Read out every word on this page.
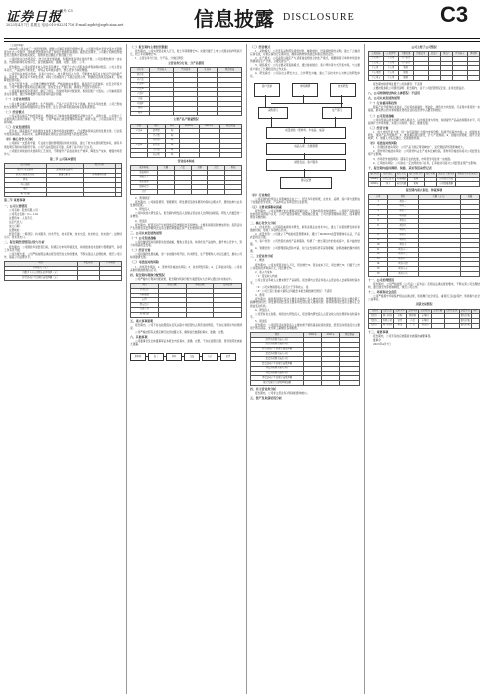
证券日报
版号 C3
2023年4月7日 星期五 电话:010-83251716 E-mail:zqrb9@zqrb.sina.net	信息披露 DISCLOSURE	C3

（上接C2版）

2020年公司完成了一次股份回购。根据公司制定的股份回购方案，公司通过集中竞价交易方式回购部分社会公众股份，回购股份的用途为员工持股计划或股权激励。截至报告期末，公司累计回购股份数量符合回购方案的相关规定，回购资金总额在计划范围之内。

公司持续关注市场变化，结合自身发展战略，积极推进各项业务的开展。公司治理结构进一步完善，内部控制体系有效运行，信息披露真实、准确、完整、及时、公平。

报告期内，公司实现营业收入同比有所增长，归属于上市公司股东的净利润保持稳定。公司主营业务突出，产品结构不断优化，市场占有率稳步提升，核心竞争力持续增强。

公司坚持以市场为导向、以客户为中心，加大研发投入力度，不断推出具有自主知识产权的新产品、新技术，满足客户多样化需求。同时公司加强与上下游企业的合作，构建稳定的供应链体系，有效降低经营风险。

在生产经营方面，公司推行精细化管理，严格控制成本费用，提高资产运营效率。在安全环保方面，公司严格遵守国家相关法律法规，落实安全生产责任制，确保生产经营平稳有序。

公司高度重视投资者回报，制定了稳定、连续的利润分配政策，积极回报广大股东。公司重视投资者关系管理，通过多种渠道与投资者保持良好沟通。

（一）主营业务情况

公司主要从事产品的研发、生产和销售，产品广泛应用于多个领域。经过多年的发展，公司已形成较为完整的产业链和较强的综合竞争优势，在行业内享有较高的知名度和美誉度。

（二）经营模式

公司采用以销定产的经营模式，根据客户订单和市场预测组织采购与生产。采购方面，公司建立了完善的供应商评价体系；生产方面，公司严格执行质量管理体系标准；销售方面，公司以直销为主、经销为辅。

（三）行业发展情况

近年来，随着国家产业政策的支持和下游市场需求的增长，行业整体保持良好的发展态势。行业集中度逐步提高，具有技术、品牌和规模优势的企业将获得更大的发展空间。

（四）核心竞争力分析

公司拥有一支经验丰富、专业能力强的管理团队和技术团队，建立了较为完善的研发体系，拥有多项发明专利和实用新型专利。公司产品质量稳定可靠，获得了客户的广泛认可。

公司通过持续的技术创新和工艺改进，不断提升产品性能和生产效率，降低生产成本，增强市场竞争力。

第二节 公司基本情况
股票简称		股票代码	
股票上市交易所	深圳证券交易所		
联系人和联系方式	董事会秘书	证券事务代表	
姓名			
办公地址			
电话			
电子信箱			

第三节 重要事项

一、公司主要情况

公司名称：股份有限公司

公司英文名称：Co., Ltd.

注册资本：人民币元

法定代表人：

成立日期：

注册地址：

经营范围：一般项目：技术服务、技术开发、技术咨询、技术交流、技术转让、技术推广；货物进出口；技术进出口。

二、报告期经营情况讨论与分析

报告期内，公司围绕年度经营目标，积极应对市场环境变化，持续推进技术创新与管理提升，各项工作有序开展。

公司治理方面，公司严格按照法律法规及规范性文件的要求，不断完善法人治理结构，规范公司运作，提高公司治理水平。

项目	本报告期	上年同期
营业收入（元）		
归属于上市公司股东的净利润（元）		
经营活动产生的现金流量净额（元）		

（二）报告期内主要经营数据

报告期内，公司实现营业收入万元，较上年同期增长%；实现归属于上市公司股东的净利润万元，较上年同期增长%。

1、主营业务分行业、分产品、分地区情况

主营业务分行业、分产品情况
分行业	营业收入	营业成本	毛利率	同比增减
制造业				
分产品				
产品A				
产品B				
产品C				
其他				
分地区				
境内				
境外				
主要产品产销量情况
类别	项目	单位	2022年	2021年	同比增减
产品A	销售量	吨			
	生产量	吨			
	库存量	吨			
产品B	销售量	吨			
	生产量	吨			
	库存量	吨			
营业成本构成
成本构成	金额	占比	金额	占比	增减
直接材料					
直接人工					
制造费用					
燃料动力					
合计					

2、费用情况

报告期内，公司销售费用、管理费用、研发费用及财务费用均保持合理水平，费用结构与业务发展相匹配。

3、研发投入

公司持续加大研发投入，报告期内研发投入金额占营业收入比例稳步提高，研发人员数量进一步增加。

4、现金流

报告期内，经营活动产生的现金流量净额同比有所增加，主要系销售回款增加所致；投资活动产生的现金流量净额同比变动主要系购建固定资产支出增加所致。

三、公司未来发展的展望

（一）公司发展战略

公司将继续坚持创新驱动发展战略，聚焦主营业务，持续优化产品结构，提升核心竞争力，努力实现高质量发展。

（二）经营计划

公司将围绕发展战略，进一步加强市场开拓、技术研发、生产管理和人才队伍建设，推动公司持续健康发展。

（三）可能面对的风险

1、市场竞争风险；2、原材料价格波动风险；3、技术研发风险；4、汇率波动风险。公司将采取积极措施加以应对。

四、报告期内利润分配情况

公司严格执行利润分配政策，报告期内利润分配方案经股东大会审议通过并实施完毕。

项目	期末余额	期初余额	变动比例
货币资金			
应收账款			
存货			
固定资产			
在建工程			
短期借款			

五、重大事项说明

报告期内，公司不存在控股股东及其关联方非经营性占用资金的情况，不存在违规对外担保情况。

公司严格按照有关规定履行信息披露义务，确保信息披露的真实、准确、完整。

六、其他事项

公司董事会及全体董事保证本报告内容真实、准确、完整，不存在虚假记载、误导性陈述或重大遗漏。

原材料	加工	检验	包装	入库	销售

（三）经营模式

1、采购模式：公司设有采购部负责原材料、辅助材料、设备等物资的采购，建立了合格供应商名录，对供应商进行定期评估，确保采购物资的质量和供应的稳定性。

2、生产模式：公司采用以销定产与适度备货相结合的生产模式，根据销售订单和市场需求预测制定生产计划，合理安排生产。

3、销售模式：公司主要采用直销模式，通过参加展会、客户拜访等方式开拓市场，与主要客户建立了长期稳定的合作关系。

4、研发模式：公司以自主研发为主，合作研发为辅，建立了以技术中心为核心的研发体系。

客户需求	市场调研	技术研发
采购部门	生产部门
质量检验（原材料、半成品、成品）
成品入库、仓储管理
销售发货、客户服务
售后反馈

（四）行业地位

公司是国内较早进入该领域的企业之一，经过多年的积累，在技术、品牌、客户等方面形成了较强的竞争优势，产品市场占有率位居行业前列。

（五）主要业绩驱动因素

报告期内，公司业绩增长的主要驱动因素包括：下游市场需求持续增长；公司新产品陆续投放市场并获得客户认可；公司产能逐步释放，规模效应显现；公司内部管理持续优化，成本费用得到有效控制。

二、核心竞争力分析

1、技术优势：公司高度重视技术研发，拥有省级企业技术中心，建立了完善的研发体系和激励机制，形成了多项核心技术。

2、质量优势：公司建立了严格的质量管理体系，通过了ISO9001质量管理体系认证，产品质量稳定可靠。

3、客户优势：公司凭借优质的产品和服务，积累了一批长期合作的优质客户，客户黏性较强。

4、管理优势：公司管理团队经验丰富，对行业发展趋势有深刻理解，能够准确把握市场机遇。

三、主营业务分析

1、概述

报告期内，公司实现营业收入万元，同比增长%；营业成本万元，同比增长%；归属于上市公司股东的净利润万元，同比增长%。

2、收入与成本

（1）营业收入构成

公司主营业务收入主要来源于产品销售，报告期内主营业务收入占营业收入比重保持较高水平。

（2）公司实物销售收入是否大于劳务收入：是

（3）公司已签订的重大销售合同截至本报告期的履行情况：不适用

3、费用

报告期内，销售费用同比变动主要系市场推广投入增加所致；管理费用同比变动主要系职工薪酬增加所致；研发费用同比变动主要系研发项目投入增加所致；财务费用同比变动主要系汇兑损益变动所致。

4、研发投入

公司坚持自主创新，持续加大研发投入，报告期内研发投入占营业收入的比例保持在较高水平。

5、现金流

报告期内，公司经营活动现金流入主要来源于销售商品收到的现金，经营活动现金流出主要用于购买商品、支付职工薪酬及各项税费。

项目	2022年	2021年	同比增减
经营活动现金流入小计			
经营活动现金流出小计			
经营活动产生的现金流量净额			
投资活动现金流入小计			
投资活动现金流出小计			
投资活动产生的现金流量净额			
筹资活动现金流入小计			
筹资活动现金流出小计			
筹资活动产生的现金流量净额			
现金及现金等价物净增加额			

四、非主营业务分析

报告期内，公司非主营业务对利润的影响较小。

五、资产及负债状况分析

公司主要子公司情况
公司名称	公司类型	主要业务	注册资本	总资产	净资产	营业收入	净利润
子公司一	子公司	生产销售					
子公司二	子公司	生产销售					
子公司三	子公司	贸易					
子公司四	子公司	研发					
子公司五	子公司	服务					

报告期内取得和处置子公司的情况：不适用

主要控股参股公司情况说明：报告期内，各子公司经营情况正常，业务发展良好。

八、公司控制的结构化主体情况：不适用

九、公司未来发展的展望

（一）行业格局和趋势

随着产业升级和技术进步，行业将向高端化、智能化、绿色化方向发展。行业集中度将进一步提高，拥有核心技术和规模优势的企业将在竞争中占据有利地位。

（二）公司发展战略

公司将坚持以技术创新为核心驱动力，以市场需求为导向，持续提升产品品质和服务水平，巩固和扩大市场份额，实现公司持续、稳定、健康发展。

（三）经营计划

1、加大市场开拓力度，进一步巩固和扩大国内市场份额，积极开拓海外市场；2、加强技术研发，推动产品升级换代；3、推进募投项目建设，扩大产能规模；4、加强内部管理，提升运营效率；5、加强人才队伍建设，完善激励机制。

（四）可能面对的风险

1、宏观经济波动风险：公司产品下游应用领域较广，受宏观经济形势影响较大。

2、原材料价格波动风险：公司原材料占生产成本比重较高，原材料价格波动将对公司经营业绩产生影响。

3、市场竞争加剧风险：随着行业的发展，市场竞争可能进一步加剧。

4、汇率波动风险：公司存在一定比例的出口业务，汇率波动可能对公司经营业绩产生影响。

十、报告期内接待调研、沟通、采访等活动登记表

接待时间	接待地点	接待方式	接待对象类型	接待对象	谈论的主要内容	调研的基本情况索引
2022年	公司会议室	实地调研	机构		公司经营情况	
2022年	线上	电话沟通	机构		公司发展战略	
报告期内重大诉讼、仲裁事项
序号	项目	金额（万元）	进展
1	项目一		
2	项目二		
3	项目三		
4	项目四		
5	项目五		
6	项目六		
7	项目七		
8	项目八		
9	项目九		
10	项目十		
11	项目十一		
12	项目十二		
13	项目十三		
14	项目十四		
15	项目十五		
16	项目十六		

十一、公司治理情况

报告期内，公司严格按照《公司法》《证券法》及相关法律法规的要求，不断完善公司治理结构，建立健全内部控制制度，规范公司运作。

十二、环境和社会责任

公司严格遵守环境保护相关法律法规，积极履行社会责任，重视员工权益保护，积极参与社会公益事业。

关联交易情况
关联方	关联关系	交易类型	交易内容	定价原则	交易金额	占同类比例	结算方式	备注
关联方一	同一控制	采购	原材料	市场价			银行转账	
关联方二	参股公司	销售	产品	市场价			银行转账	
关联方三	同一控制	租赁	厂房	协议价			银行转账	

十三、重要事项

报告期内，公司无其他应披露而未披露的重要事项。

董事会

2023年4月7日
